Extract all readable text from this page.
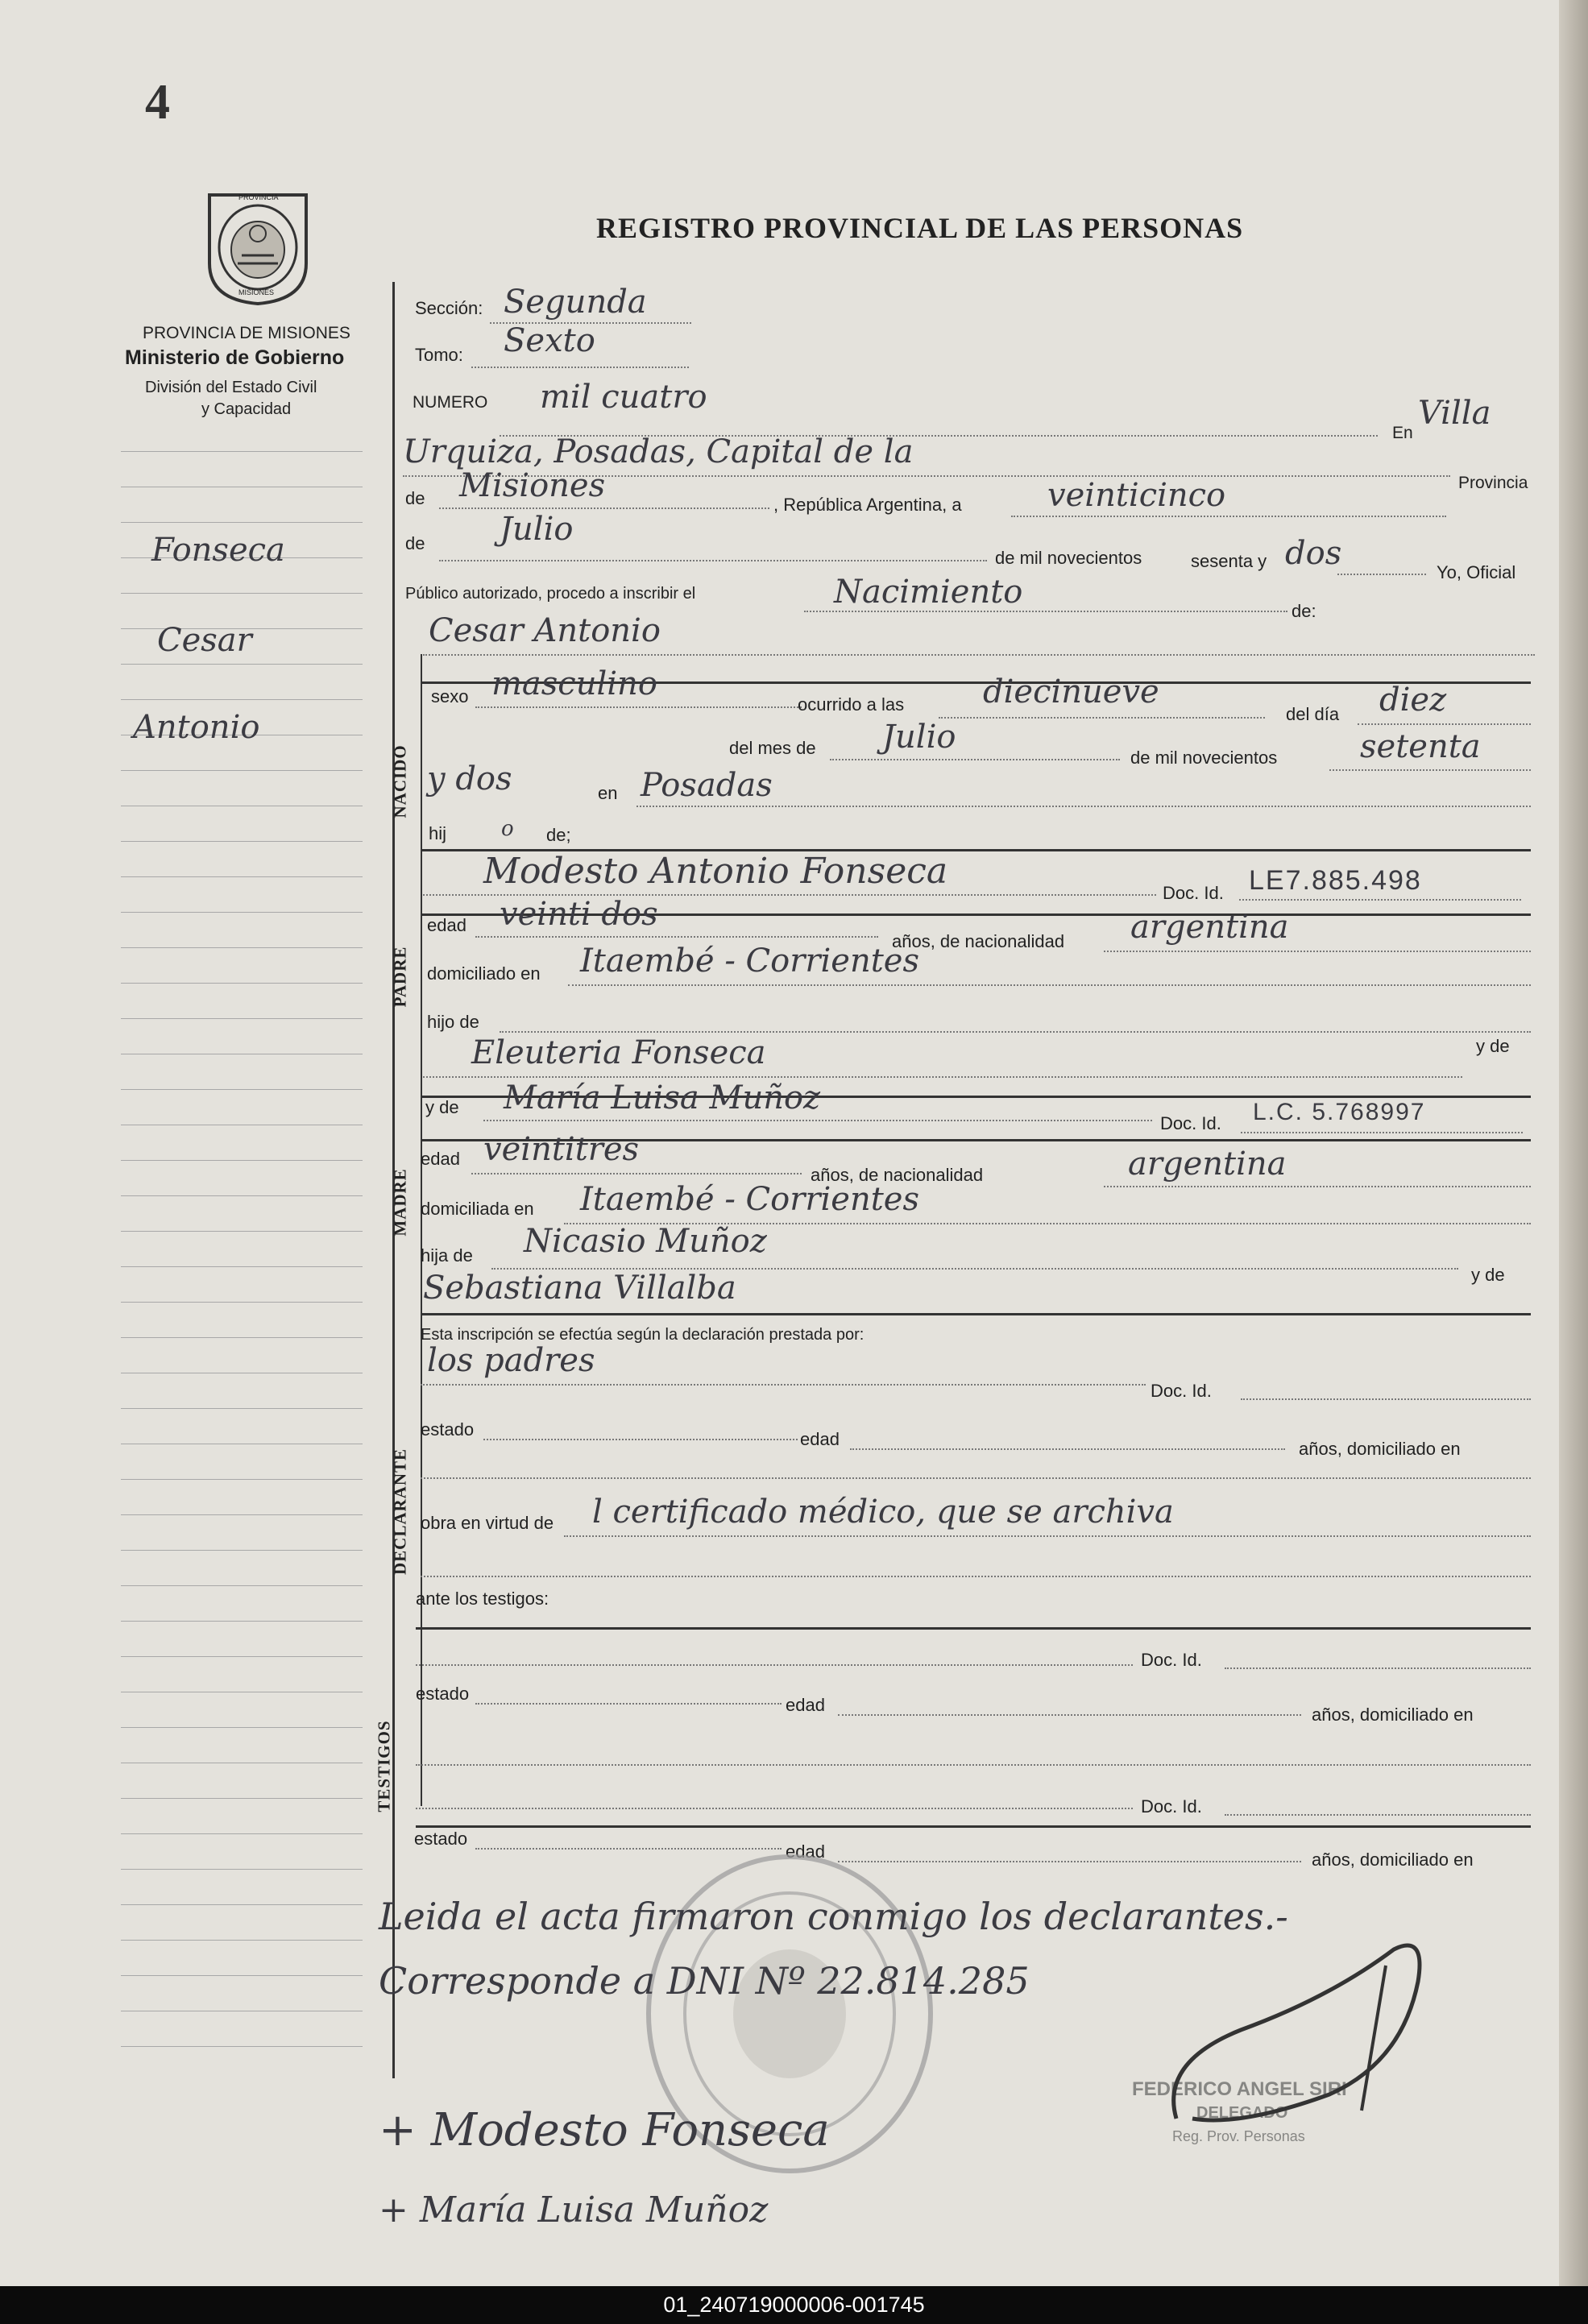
4
PROVINCIA
MISIONES
PROVINCIA DE MISIONES
Ministerio de Gobierno
División del Estado Civil
y Capacidad
REGISTRO PROVINCIAL DE LAS PERSONAS
Fonseca
Cesar
Antonio
Sección: Segunda
Tomo: Sexto
NUMERO mil cuatro
En
Villa
Urquiza, Posadas, Capital de la
Provincia
de Misiones
, República Argentina, a	veinticinco
de Julio
de mil novecientos	sesenta y dos
Yo, Oficial
Público autorizado, procedo a inscribir el	Nacimiento
de:
Cesar Antonio
NACIDO
sexo masculino
ocurrido a las diecinueve
del día diez
del mes de Julio
de mil novecientos	setenta
y dos	en Posadas
hij	o de;
Modesto Antonio Fonseca
Doc. Id. LE7.885.498
PADRE
edad veinti dos
años, de nacionalidad argentina
domiciliado en Itaembé - Corrientes
hijo de
Eleuteria Fonseca	y de
y de María Luisa Muñoz
Doc. Id. L.C. 5.768997
MADRE
edad veintitres
años, de nacionalidad	argentina
domiciliada en Itaembé - Corrientes
hija de Nicasio Muñoz
y de
Sebastiana Villalba
Esta inscripción se efectúa según la declaración prestada por:
los padres
Doc. Id.
DECLARANTE
estado	edad	años, domiciliado en
obra en virtud de l certificado médico, que se archiva
ante los testigos:
Doc. Id.
estado
edad	años, domiciliado en
TESTIGOS	Doc. Id.
estado
edad	años, domiciliado en
FEDERICO ANGEL SIRI
DELEGADO
Reg. Prov. Personas
Leida el acta firmaron conmigo los declarantes.-
Corresponde a DNI Nº 22.814.285
+ Modesto Fonseca
+ María Luisa Muñoz
01_240719000006-001745
